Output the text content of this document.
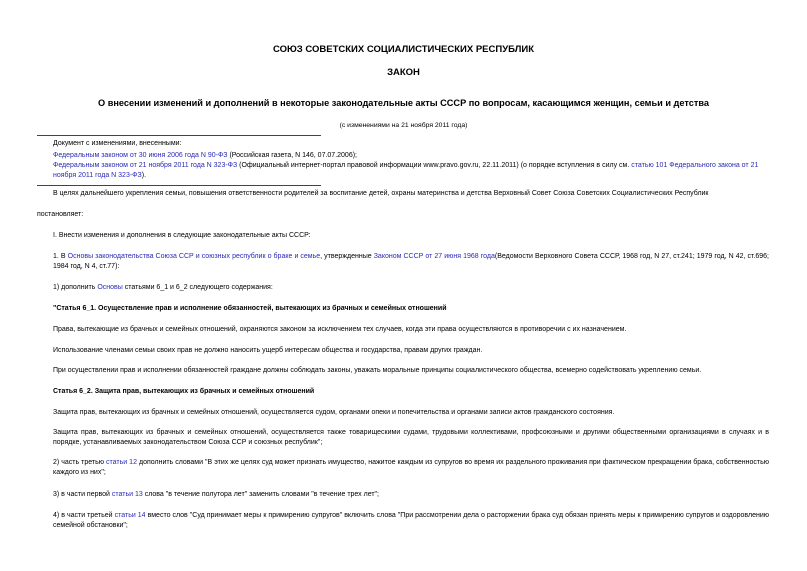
СОЮЗ СОВЕТСКИХ СОЦИАЛИСТИЧЕСКИХ РЕСПУБЛИК
ЗАКОН
О внесении изменений и дополнений в некоторые законодательные акты СССР по вопросам, касающимся женщин, семьи и детства
(с изменениями на 21 ноября 2011 года)
Документ с изменениями, внесенными:
Федеральным законом от 30 июня 2006 года N 90-ФЗ (Российская газета, N 146, 07.07.2006);
Федеральным законом от 21 ноября 2011 года N 323-ФЗ (Официальный интернет-портал правовой информации www.pravo.gov.ru, 22.11.2011) (о порядке вступления в силу см. статью 101 Федерального закона от 21 ноября 2011 года N 323-ФЗ).
В целях дальнейшего укрепления семьи, повышения ответственности родителей за воспитание детей, охраны материнства и детства Верховный Совет Союза Советских Социалистических Республик
постановляет:
I. Внести изменения и дополнения в следующие законодательные акты СССР:
1. В Основы законодательства Союза ССР и союзных республик о браке и семье, утвержденные Законом СССР от 27 июня 1968 года(Ведомости Верховного Совета СССР, 1968 год, N 27, ст.241; 1979 год, N 42, ст.696; 1984 год, N 4, ст.77):
1) дополнить Основы статьями 6_1 и 6_2 следующего содержания:
"Статья 6_1. Осуществление прав и исполнение обязанностей, вытекающих из брачных и семейных отношений
Права, вытекающие из брачных и семейных отношений, охраняются законом за исключением тех случаев, когда эти права осуществляются в противоречии с их назначением.
Использование членами семьи своих прав не должно наносить ущерб интересам общества и государства, правам других граждан.
При осуществлении прав и исполнении обязанностей граждане должны соблюдать законы, уважать моральные принципы социалистического общества, всемерно содействовать укреплению семьи.
Статья 6_2. Защита прав, вытекающих из брачных и семейных отношений
Защита прав, вытекающих из брачных и семейных отношений, осуществляется судом, органами опеки и попечительства и органами записи актов гражданского состояния.
Защита прав, вытекающих из брачных и семейных отношений, осуществляется также товарищескими судами, трудовыми коллективами, профсоюзными и другими общественными организациями в случаях и в порядке, устанавливаемых законодательством Союза ССР и союзных республик";
2) часть третью статьи 12 дополнить словами "В этих же целях суд может признать имущество, нажитое каждым из супругов во время их раздельного проживания при фактическом прекращении брака, собственностью каждого из них";
3) в части первой статьи 13 слова "в течение полутора лет" заменить словами "в течение трех лет";
4) в части третьей статьи 14 вместо слов "Суд принимает меры к примирению супругов" включить слова "При рассмотрении дела о расторжении брака суд обязан принять меры к примирению супругов и оздоровлению семейной обстановки";
